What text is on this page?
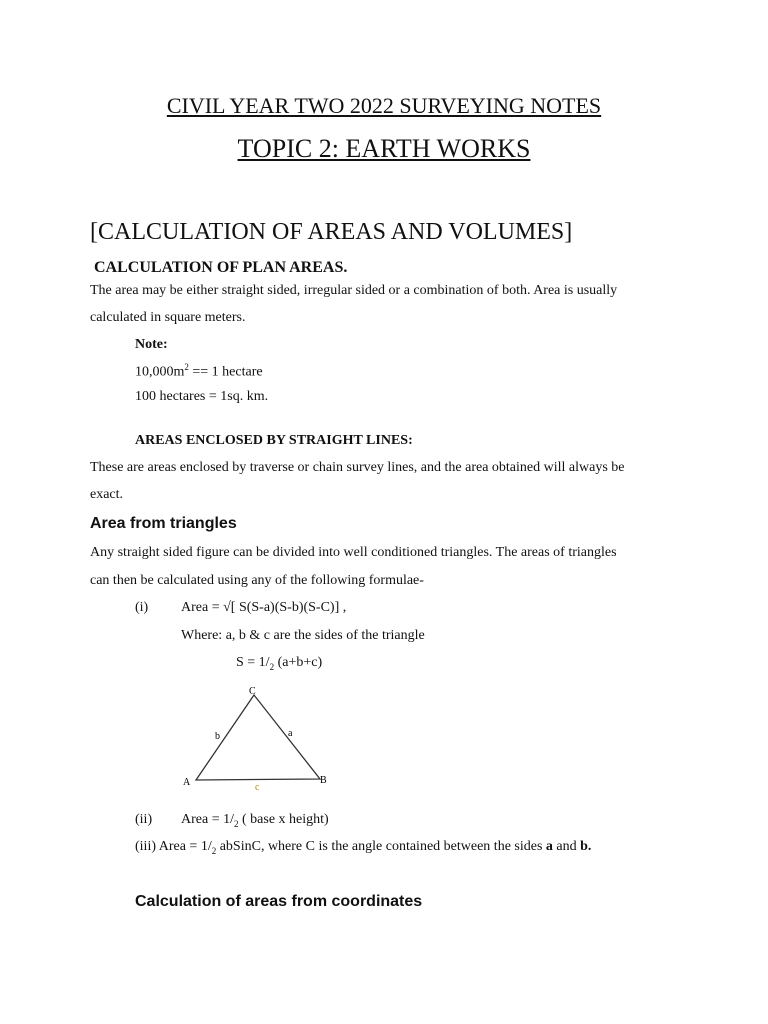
CIVIL YEAR TWO 2022 SURVEYING NOTES
TOPIC 2: EARTH WORKS
[CALCULATION OF AREAS AND VOLUMES]
CALCULATION OF PLAN AREAS.
The area may be either straight sided, irregular sided or a combination of both. Area is usually
calculated in square meters.
Note:
$10,000m^2 == 1$ hectare
100 hectares = 1sq. km.
AREAS ENCLOSED BY STRAIGHT LINES:
These are areas enclosed by traverse or chain survey lines, and the area obtained will always be
exact.
Area from triangles
Any straight sided figure can be divided into well conditioned triangles. The areas of triangles
can then be calculated using any of the following formulae-
(i) Area = √[ S(S-a)(S-b)(S-C)] ,
Where: a, b & c are the sides of the triangle
$S = 1/_2$ (a+b+c)
C
A	B
b	a
c
(ii) Area = $1/_2$ ( base x height)
(iii) Area = $1/_2$ abSinC, where C is the angle contained between the sides a and b.
Calculation of areas from coordinates
